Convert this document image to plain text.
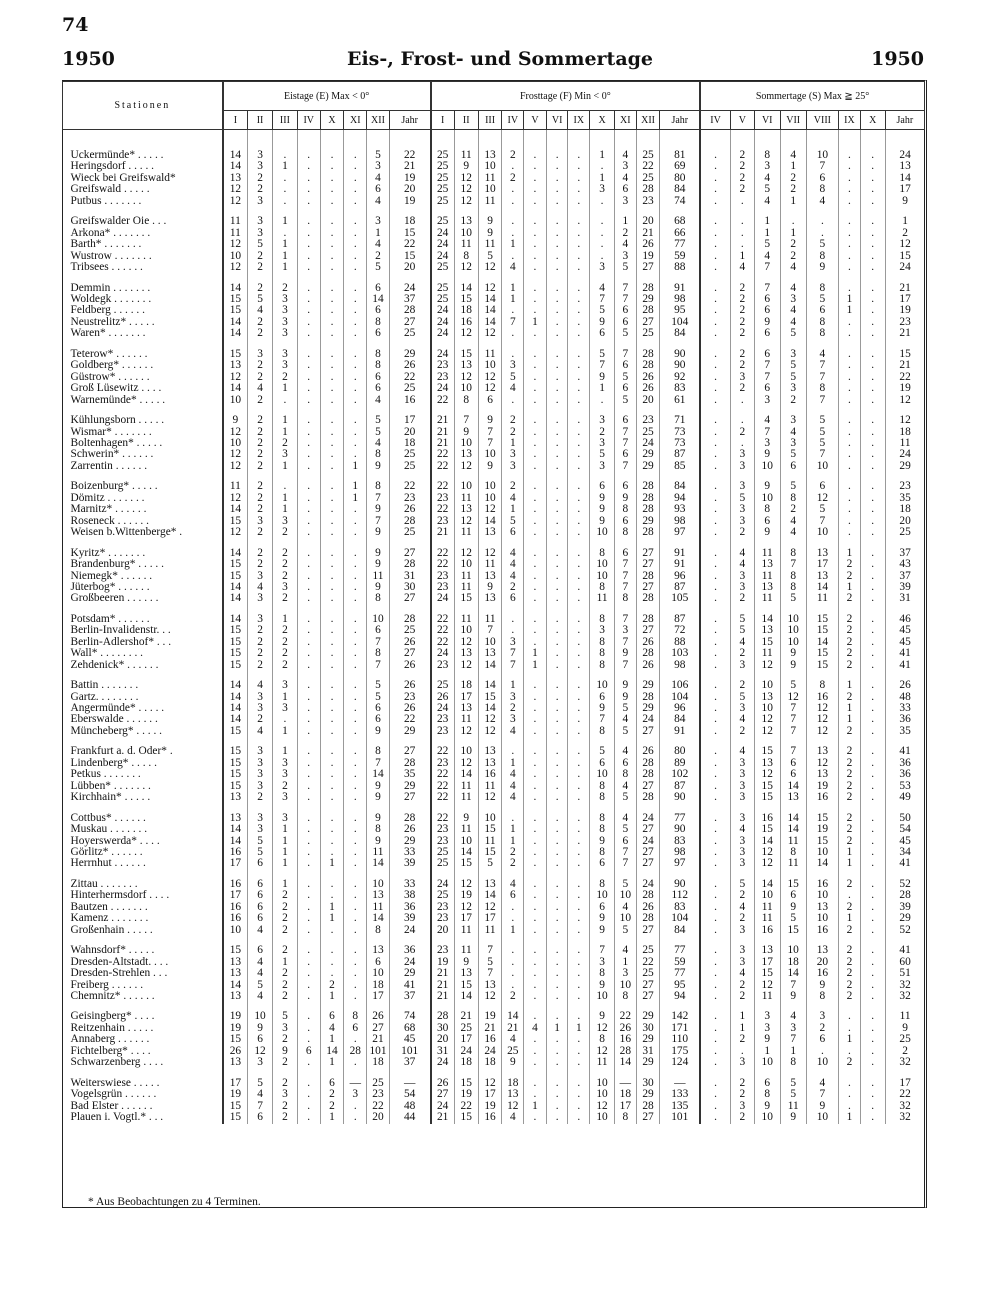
74
1950	Eis-, Frost- und Sommertage	1950
Stationen	Eistage (E) Max < 0°								Frosttage (F) Min < 0°											Sommertage (S) Max ≧ 25°							
	I	II	III	IV	X	XI	XII	Jahr	I	II	III	IV	V	VI	IX	X	XI	XII	Jahr	IV	V	VI	VII	VIII	IX	X	Jahr

Ückermünde* . . . . .	14	3	.	.	.	.	5	22	25	11	13	2	.	.	.	1	4	25	81	.	2	8	4	10	.	.	24
Heringsdorf . . . . .	14	3	1	.	.	.	3	21	25	9	10	.	.	.	.	.	3	22	69	.	2	3	1	7	.	.	13
Wieck bei Greifswald*	13	2	.	.	.	.	4	19	25	12	11	2	.	.	.	1	4	25	80	.	2	4	2	6	.	.	14
Greifswald . . . . .	12	2	.	.	.	.	6	20	25	12	10	.	.	.	.	3	6	28	84	.	2	5	2	8	.	.	17
Putbus . . . . . . .	12	3	.	.	.	.	4	19	25	12	11	.	.	.	.	.	3	23	74	.	.	4	1	4	.	.	9

Greifswalder Oie . . .	11	3	1	.	.	.	3	18	25	13	9	.	.	.	.	.	1	20	68	.	.	1	.	.	.	.	1
Arkona* . . . . . . .	11	3	.	.	.	.	1	15	24	10	9	.	.	.	.	.	2	21	66	.	.	1	1	.	.	.	2
Barth* . . . . . . .	12	5	1	.	.	.	4	22	24	11	11	1	.	.	.	.	4	26	77	.	.	5	2	5	.	.	12
Wustrow . . . . . . .	10	2	1	.	.	.	2	15	24	8	5	.	.	.	.	.	3	19	59	.	1	4	2	8	.	.	15
Tribsees . . . . . .	12	2	1	.	.	.	5	20	25	12	12	4	.	.	.	3	5	27	88	.	4	7	4	9	.	.	24

Demmin . . . . . . .	14	2	2	.	.	.	6	24	25	14	12	1	.	.	.	4	7	28	91	.	2	7	4	8	.	.	21
Woldegk . . . . . . .	15	5	3	.	.	.	14	37	25	15	14	1	.	.	.	7	7	29	98	.	2	6	3	5	1	.	17
Feldberg . . . . . .	15	4	3	.	.	.	6	28	24	18	14	.	.	.	.	5	6	28	95	.	2	6	4	6	1	.	19
Neustrelitz* . . . . .	14	2	3	.	.	.	8	27	24	16	14	7	1	.	.	9	6	27	104	.	2	9	4	8	.	.	23
Waren* . . . . . . .	14	2	3	.	.	.	6	25	24	12	12	.	.	.	.	6	5	25	84	.	2	6	5	8	.	.	21

Teterow* . . . . . .	15	3	3	.	.	.	8	29	24	15	11	.	.	.	.	5	7	28	90	.	2	6	3	4	.	.	15
Goldberg* . . . . . .	13	2	3	.	.	.	8	26	23	13	10	3	.	.	.	7	6	28	90	.	2	7	5	7	.	.	21
Güstrow* . . . . . .	12	2	2	.	.	.	6	22	23	12	12	5	.	.	.	9	5	26	92	.	3	7	5	7	.	.	22
Groß Lüsewitz . . . .	14	4	1	.	.	.	6	25	24	10	12	4	.	.	.	1	6	26	83	.	2	6	3	8	.	.	19
Warnemünde* . . . . .	10	2	.	.	.	.	4	16	22	8	6	.	.	.	.	.	5	20	61	.	.	3	2	7	.	.	12

Kühlungsborn . . . . .	9	2	1	.	.	.	5	17	21	7	9	2	.	.	.	3	6	23	71	.	.	4	3	5	.	.	12
Wismar* . . . . . . .	12	2	1	.	.	.	5	20	21	9	7	2	.	.	.	2	7	25	73	.	2	7	4	5	.	.	18
Boltenhagen* . . . . .	10	2	2	.	.	.	4	18	21	10	7	1	.	.	.	3	7	24	73	.	.	3	3	5	.	.	11
Schwerin* . . . . . .	12	2	3	.	.	.	8	25	22	13	10	3	.	.	.	5	6	29	87	.	3	9	5	7	.	.	24
Zarrentin . . . . . .	12	2	1	.	.	1	9	25	22	12	9	3	.	.	.	3	7	29	85	.	3	10	6	10	.	.	29

Boizenburg* . . . . .	11	2	.	.	.	1	8	22	22	10	10	2	.	.	.	6	6	28	84	.	3	9	5	6	.	.	23
Dömitz . . . . . . .	12	2	1	.	.	1	7	23	23	11	10	4	.	.	.	9	9	28	94	.	5	10	8	12	.	.	35
Marnitz* . . . . . .	14	2	1	.	.	.	9	26	22	13	12	1	.	.	.	9	8	28	93	.	3	8	2	5	.	.	18
Roseneck . . . . . .	15	3	3	.	.	.	7	28	23	12	14	5	.	.	.	9	6	29	98	.	3	6	4	7	.	.	20
Weisen b.Wittenberge* .	12	2	2	.	.	.	9	25	21	11	13	6	.	.	.	10	8	28	97	.	2	9	4	10	.	.	25

Kyritz* . . . . . . .	14	2	2	.	.	.	9	27	22	12	12	4	.	.	.	8	6	27	91	.	4	11	8	13	1	.	37
Brandenburg* . . . . .	15	2	2	.	.	.	9	28	22	10	11	4	.	.	.	10	7	27	91	.	4	13	7	17	2	.	43
Niemegk* . . . . . .	15	3	2	.	.	.	11	31	23	11	13	4	.	.	.	10	7	28	96	.	3	11	8	13	2	.	37
Jüterbog* . . . . . .	14	4	3	.	.	.	9	30	23	11	9	2	.	.	.	8	7	27	87	.	3	13	8	14	1	.	39
Großbeeren . . . . . .	14	3	2	.	.	.	8	27	24	15	13	6	.	.	.	11	8	28	105	.	2	11	5	11	2	.	31

Potsdam* . . . . . .	14	3	1	.	.	.	10	28	22	11	11	.	.	.	.	8	7	28	87	.	5	14	10	15	2	.	46
Berlin-Invalidenstr. . .	15	2	2	.	.	.	6	25	22	10	7	.	.	.	.	3	3	27	72	.	5	13	10	15	2	.	45
Berlin-Adlershof* . . .	15	2	2	.	.	.	7	26	22	12	10	3	.	.	.	8	7	26	88	.	4	15	10	14	2	.	45
Wall* . . . . . . . .	15	2	2	.	.	.	8	27	24	13	13	7	1	.	.	8	9	28	103	.	2	11	9	15	2	.	41
Zehdenick* . . . . . .	15	2	2	.	.	.	7	26	23	12	14	7	1	.	.	8	7	26	98	.	3	12	9	15	2	.	41

Battin . . . . . . .	14	4	3	.	.	.	5	26	25	18	14	1	.	.	.	10	9	29	106	.	2	10	5	8	1	.	26
Gartz. . . . . . . .	14	3	1	.	.	.	5	23	26	17	15	3	.	.	.	6	9	28	104	.	5	13	12	16	2	.	48
Angermünde* . . . . .	14	3	3	.	.	.	6	26	24	13	14	2	.	.	.	9	5	29	96	.	3	10	7	12	1	.	33
Eberswalde . . . . . .	14	2	.	.	.	.	6	22	23	11	12	3	.	.	.	7	4	24	84	.	4	12	7	12	1	.	36
Müncheberg* . . . . .	15	4	1	.	.	.	9	29	23	12	12	4	.	.	.	8	5	27	91	.	2	12	7	12	2	.	35

Frankfurt a. d. Oder* .	15	3	1	.	.	.	8	27	22	10	13	.	.	.	.	5	4	26	80	.	4	15	7	13	2	.	41
Lindenberg* . . . . .	15	3	3	.	.	.	7	28	23	12	13	1	.	.	.	6	6	28	89	.	3	13	6	12	2	.	36
Petkus . . . . . . .	15	3	3	.	.	.	14	35	22	14	16	4	.	.	.	10	8	28	102	.	3	12	6	13	2	.	36
Lübben* . . . . . . .	15	3	2	.	.	.	9	29	22	11	11	4	.	.	.	8	4	27	87	.	3	15	14	19	2	.	53
Kirchhain* . . . . .	13	2	3	.	.	.	9	27	22	11	12	4	.	.	.	8	5	28	90	.	3	15	13	16	2	.	49

Cottbus* . . . . . .	13	3	3	.	.	.	9	28	22	9	10	.	.	.	.	8	4	24	77	.	3	16	14	15	2	.	50
Muskau . . . . . . .	14	3	1	.	.	.	8	26	23	11	15	1	.	.	.	8	5	27	90	.	4	15	14	19	2	.	54
Hoyerswerda* . . . .	14	5	1	.	.	.	9	29	23	10	11	1	.	.	.	9	6	24	83	.	3	14	11	15	2	.	45
Görlitz* . . . . . .	16	5	1	.	.	.	11	33	25	14	15	2	.	.	.	8	7	27	98	.	3	12	8	10	1	.	34
Herrnhut . . . . . .	17	6	1	.	1	.	14	39	25	15	5	2	.	.	.	6	7	27	97	.	3	12	11	14	1	.	41

Zittau . . . . . . .	16	6	1	.	.	.	10	33	24	12	13	4	.	.	.	8	5	24	90	.	5	14	15	16	2	.	52
Hinterhermsdorf . . . .	17	6	2	.	.	.	13	38	25	19	14	6	.	.	.	10	10	28	112	.	2	10	6	10	.	.	28
Bautzen . . . . . . .	16	6	2	.	1	.	11	36	23	12	12	.	.	.	.	6	4	26	83	.	4	11	9	13	2	.	39
Kamenz . . . . . . .	16	6	2	.	1	.	14	39	23	17	17	.	.	.	.	9	10	28	104	.	2	11	5	10	1	.	29
Großenhain . . . . .	10	4	2	.	.	.	8	24	20	11	11	1	.	.	.	9	5	27	84	.	3	16	15	16	2	.	52

Wahnsdorf* . . . . .	15	6	2	.	.	.	13	36	23	11	7	.	.	.	.	7	4	25	77	.	3	13	10	13	2	.	41
Dresden-Altstadt. . . .	13	4	1	.	.	.	6	24	19	9	5	.	.	.	.	3	1	22	59	.	3	17	18	20	2	.	60
Dresden-Strehlen . . .	13	4	2	.	.	.	10	29	21	13	7	.	.	.	.	8	3	25	77	.	4	15	14	16	2	.	51
Freiberg . . . . . .	14	5	2	.	2	.	18	41	21	15	13	.	.	.	.	9	10	27	95	.	2	12	7	9	2	.	32
Chemnitz* . . . . . .	13	4	2	.	1	.	17	37	21	14	12	2	.	.	.	10	8	27	94	.	2	11	9	8	2	.	32

Geisingberg* . . . .	19	10	5	.	6	8	26	74	28	21	19	14	.	.	.	9	22	29	142	.	1	3	4	3	.	.	11
Reitzenhain . . . . .	19	9	3	.	4	6	27	68	30	25	21	21	4	1	1	12	26	30	171	.	1	3	3	2	.	.	9
Annaberg . . . . . .	15	6	2	.	1	.	21	45	20	17	16	4	.	.	.	8	16	29	110	.	2	9	7	6	1	.	25
Fichtelberg* . . . .	26	12	9	6	14	28	101	101	31	24	24	25	.	.	.	12	28	31	175	.	.	1	1	.	.	.	2
Schwarzenberg . . . .	13	3	2	.	1	.	18	37	24	18	18	9	.	.	.	11	14	29	124	.	3	10	8	10	2	.	32

Weiterswiese . . . . .	17	5	2	.	6	—	25	—	26	15	12	18	.	.	.	10	—	30	—	.	2	6	5	4	.	.	17
Vogelsgrün . . . . . .	19	4	3	.	2	3	23	54	27	19	17	13	.	.	.	10	18	29	133	.	2	8	5	7	.	.	22
Bad Elster . . . . . .	15	7	2	.	2	.	22	48	24	22	19	12	1	.	.	12	17	28	135	.	3	9	11	9	.	.	32
Plauen i. Vogtl.* . . .	15	6	2	.	1	.	20	44	21	15	16	4	.	.	.	10	8	27	101	.	2	10	9	10	1	.	32
* Aus Beobachtungen zu 4 Terminen.
